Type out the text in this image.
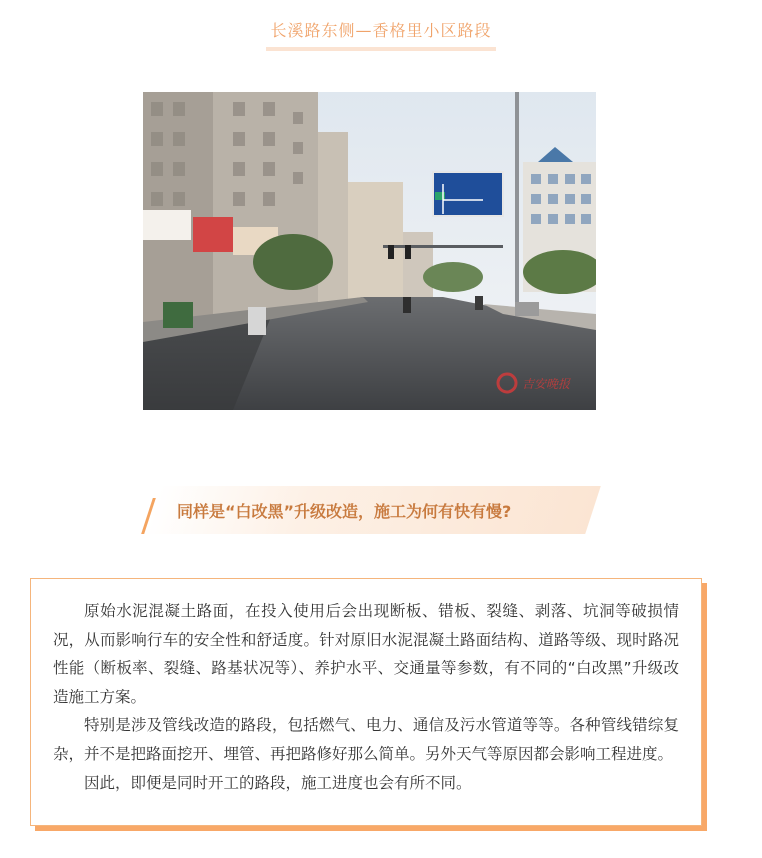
长溪路东侧—香格里小区路段
吉安晚报
同样是“白改黑”升级改造，施工为何有快有慢?

原始水泥混凝土路面，在投入使用后会出现断板、错板、裂缝、剥落、坑洞等破损情况，从而影响行车的安全性和舒适度。针对原旧水泥混凝土路面结构、道路等级、现时路况性能（断板率、裂缝、路基状况等）、养护水平、交通量等参数，有不同的“白改黑”升级改造施工方案。

特别是涉及管线改造的路段，包括燃气、电力、通信及污水管道等等。各种管线错综复杂，并不是把路面挖开、埋管、再把路修好那么简单。另外天气等原因都会影响工程进度。

因此，即便是同时开工的路段，施工进度也会有所不同。
